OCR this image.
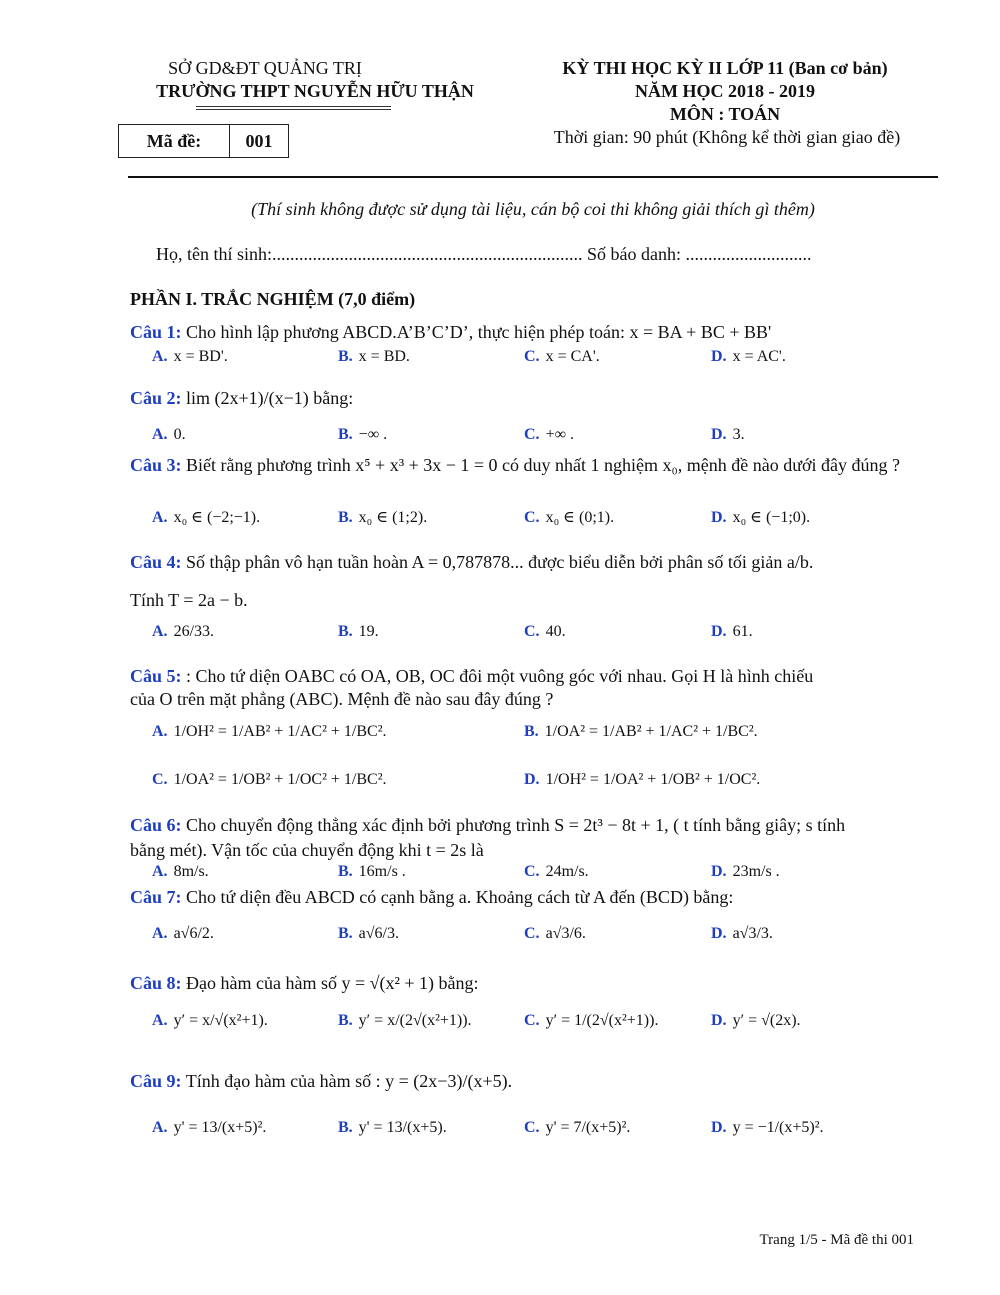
SỞ GD&ĐT QUẢNG TRỊ
TRƯỜNG THPT NGUYỄN HỮU THẬN
KỲ THI HỌC KỲ II LỚP 11 (Ban cơ bản)
NĂM HỌC 2018 - 2019
MÔN : TOÁN
Thời gian: 90 phút (Không kể thời gian giao đề)
Mã đề:	001
(Thí sinh không được sử dụng tài liệu, cán bộ coi thi không giải thích gì thêm)
Họ, tên thí sinh:..................................................................... Số báo danh: ............................
PHẦN I. TRẮC NGHIỆM (7,0 điểm)
Câu 1: Cho hình lập phương ABCD.A’B’C’D’, thực hiện phép toán: x = BA + BC + BB'
A. x = BD'.	B. x = BD.	C. x = CA'.	D. x = AC'.
Câu 2: lim (2x+1)/(x−1) bằng:
A. 0.	B. −∞ .	C. +∞ .	D. 3.
Câu 3: Biết rằng phương trình x⁵ + x³ + 3x − 1 = 0 có duy nhất 1 nghiệm x₀, mệnh đề nào dưới đây đúng ?
A. x₀ ∈ (−2;−1).	B. x₀ ∈ (1;2).	C. x₀ ∈ (0;1).	D. x₀ ∈ (−1;0).
Câu 4: Số thập phân vô hạn tuần hoàn A = 0,787878... được biểu diễn bởi phân số tối giản a/b.
Tính T = 2a − b.
A. 26/33.	B. 19.	C. 40.	D. 61.
Câu 5: : Cho tứ diện OABC có OA, OB, OC đôi một vuông góc với nhau. Gọi H là hình chiếu
của O trên mặt phẳng (ABC). Mệnh đề nào sau đây đúng ?
A. 1/OH² = 1/AB² + 1/AC² + 1/BC².	B. 1/OA² = 1/AB² + 1/AC² + 1/BC².
C. 1/OA² = 1/OB² + 1/OC² + 1/BC².	D. 1/OH² = 1/OA² + 1/OB² + 1/OC².
Câu 6: Cho chuyển động thẳng xác định bởi phương trình S = 2t³ − 8t + 1, ( t tính bằng giây; s tính
bằng mét). Vận tốc của chuyển động khi t = 2s là
A. 8m/s.	B. 16m/s .	C. 24m/s.	D. 23m/s .
Câu 7: Cho tứ diện đều ABCD có cạnh bằng a. Khoảng cách từ A đến (BCD) bằng:
A. a√6/2.	B. a√6/3.	C. a√3/6.	D. a√3/3.
Câu 8: Đạo hàm của hàm số y = √(x² + 1) bằng:
A. y′ = x/√(x²+1).	B. y′ = x/(2√(x²+1)).	C. y′ = 1/(2√(x²+1)).	D. y′ = √(2x).
Câu 9: Tính đạo hàm của hàm số : y = (2x−3)/(x+5).
A. y' = 13/(x+5)².	B. y' = 13/(x+5).	C. y' = 7/(x+5)².	D. y = −1/(x+5)².
Trang 1/5 - Mã đề thi 001
